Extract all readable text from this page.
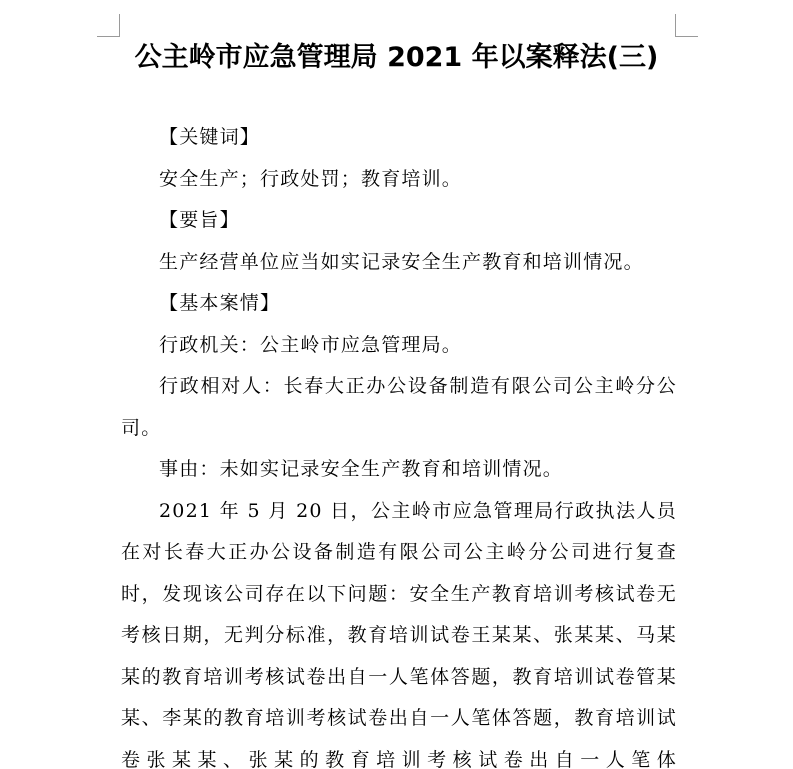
公主岭市应急管理局 2021 年以案释法(三)

【关键词】

安全生产；行政处罚；教育培训。

【要旨】

生产经营单位应当如实记录安全生产教育和培训情况。

【基本案情】

行政机关：公主岭市应急管理局。

行政相对人：长春大正办公设备制造有限公司公主岭分公司。

事由：未如实记录安全生产教育和培训情况。

2021 年 5 月 20 日，公主岭市应急管理局行政执法人员在对长春大正办公设备制造有限公司公主岭分公司进行复查时，发现该公司存在以下问题：安全生产教育培训考核试卷无考核日期，无判分标准，教育培训试卷王某某、张某某、马某某的教育培训考核试卷出自一人笔体答题，教育培训试卷管某某、李某的教育培训考核试卷出自一人笔体答题，教育培训试卷张某某、张某的教育培训考核试卷出自一人笔体
